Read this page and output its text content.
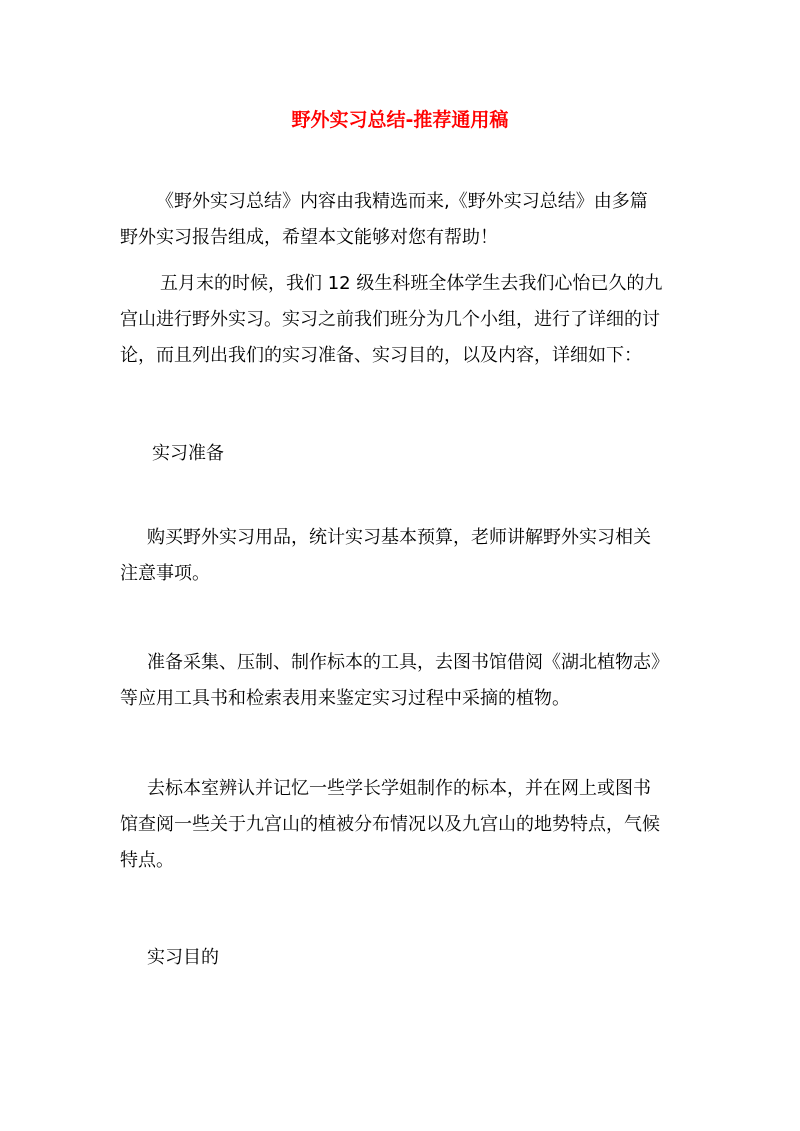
野外实习总结-推荐通用稿

《野外实习总结》内容由我精选而来,《野外实习总结》由多篇
野外实习报告组成，希望本文能够对您有帮助！

五月末的时候，我们 12 级生科班全体学生去我们心怡已久的九
宫山进行野外实习。实习之前我们班分为几个小组，进行了详细的讨
论，而且列出我们的实习准备、实习目的，以及内容，详细如下：

实习准备

购买野外实习用品，统计实习基本预算，老师讲解野外实习相关
注意事项。

准备采集、压制、制作标本的工具，去图书馆借阅《湖北植物志》
等应用工具书和检索表用来鉴定实习过程中采摘的植物。

去标本室辨认并记忆一些学长学姐制作的标本，并在网上或图书
馆查阅一些关于九宫山的植被分布情况以及九宫山的地势特点，气候
特点。

实习目的
